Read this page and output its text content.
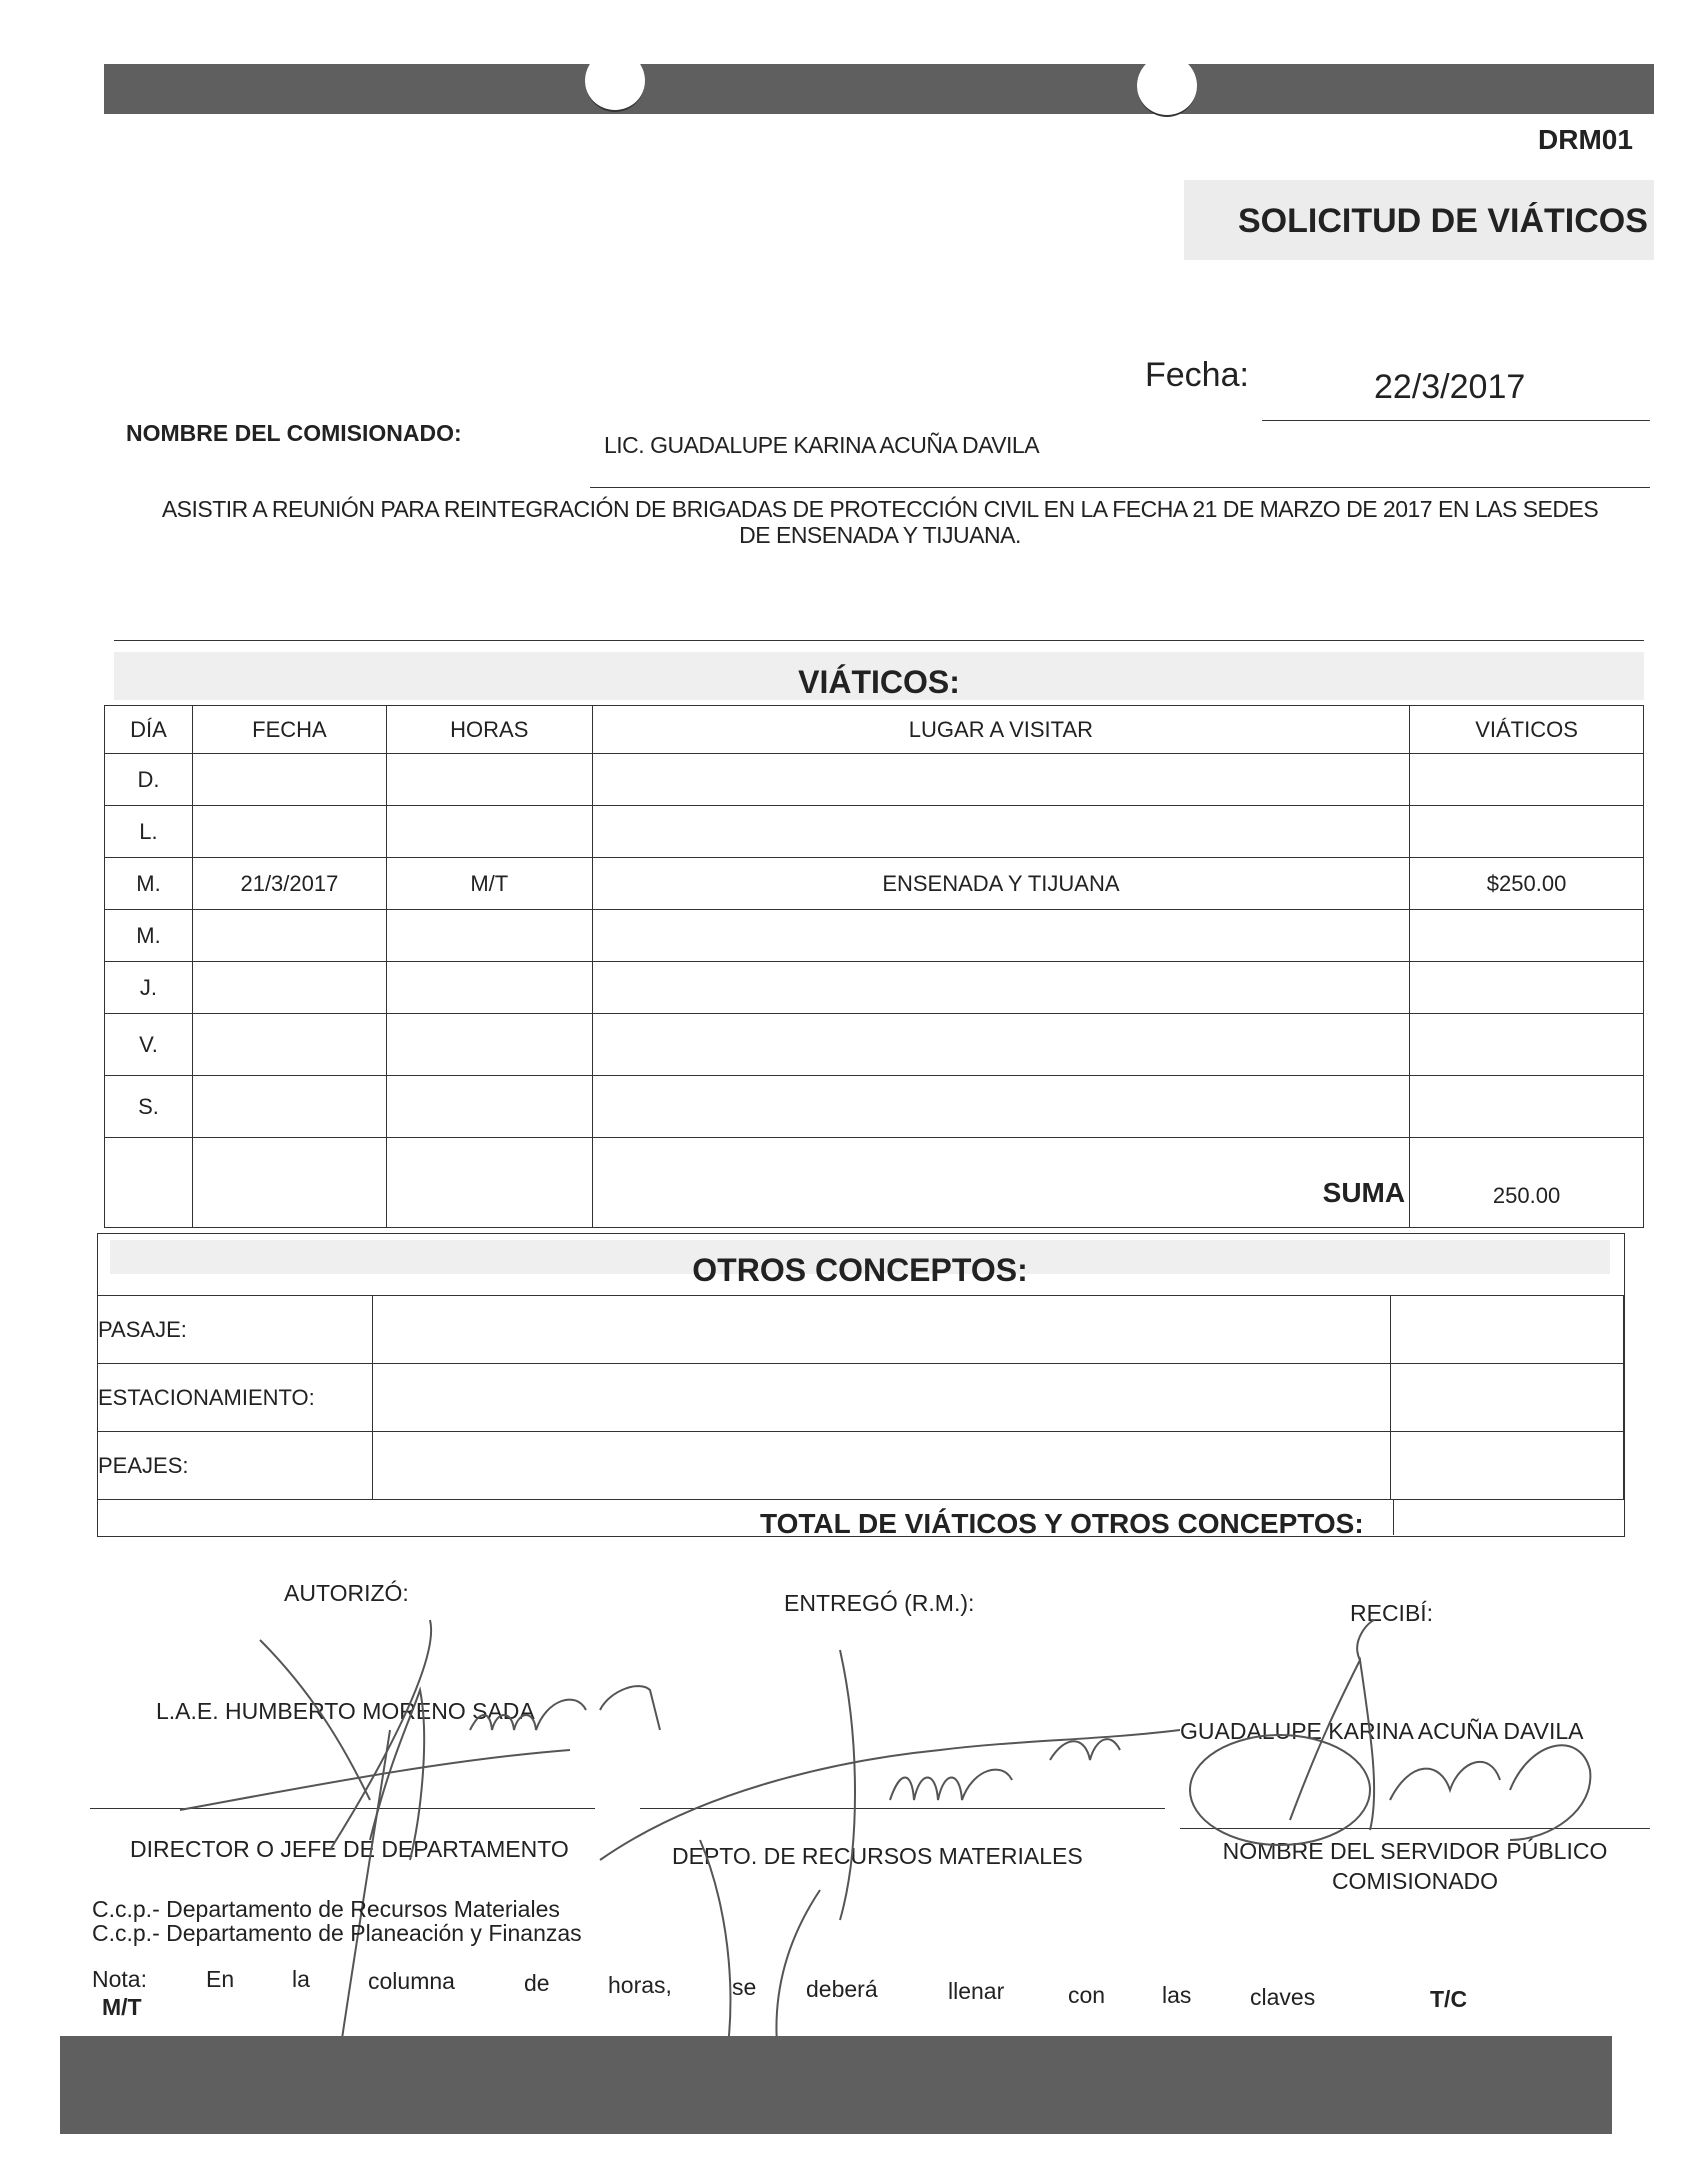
DRM01
SOLICITUD DE VIÁTICOS
Fecha:	22/3/2017
NOMBRE DEL COMISIONADO:	LIC. GUADALUPE KARINA ACUÑA DAVILA
ASISTIR A REUNIÓN PARA REINTEGRACIÓN DE BRIGADAS DE PROTECCIÓN CIVIL EN LA FECHA 21 DE MARZO DE 2017 EN LAS SEDES
DE ENSENADA Y TIJUANA.
VIÁTICOS:
DÍA	FECHA	HORAS	LUGAR A VISITAR	VIÁTICOS
D.				
L.				
M.	21/3/2017	M/T	ENSENADA Y TIJUANA	$250.00
M.				
J.				
V.				
S.				
			SUMA	250.00
OTROS CONCEPTOS:
PASAJE:		
ESTACIONAMIENTO:		
PEAJES:		
TOTAL DE VIÁTICOS Y OTROS CONCEPTOS:
AUTORIZÓ:
L.A.E. HUMBERTO MORENO SADA
DIRECTOR O JEFE DE DEPARTAMENTO
ENTREGÓ (R.M.):
DEPTO. DE RECURSOS MATERIALES
RECIBÍ:
GUADALUPE KARINA ACUÑA DAVILA
NOMBRE DEL SERVIDOR PÚBLICO
COMISIONADO
C.c.p.- Departamento de Recursos Materiales
C.c.p.- Departamento de Planeación y Finanzas
Nota:	En	la	columna	de	horas,	se deberá	llenar	con las	claves	T/C
M/T
